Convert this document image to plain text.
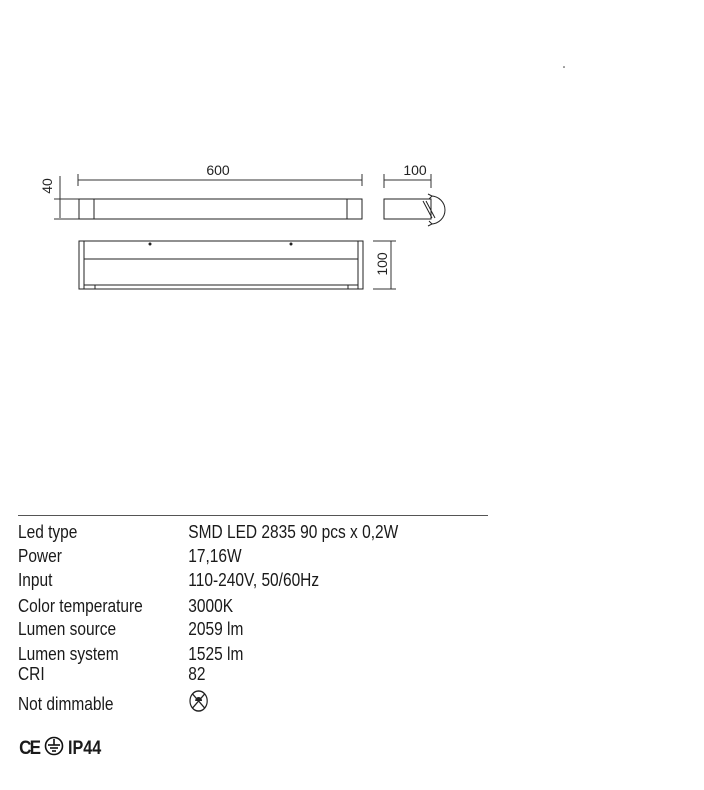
600
40
100
100
Led type	SMD LED 2835 90 pcs x 0,2W
Power	17,16W
Input	110-240V, 50/60Hz
Color temperature	3000K
Lumen source	2059 lm
Lumen system	1525 lm
CRI	82
Not dimmable
CE IP44
